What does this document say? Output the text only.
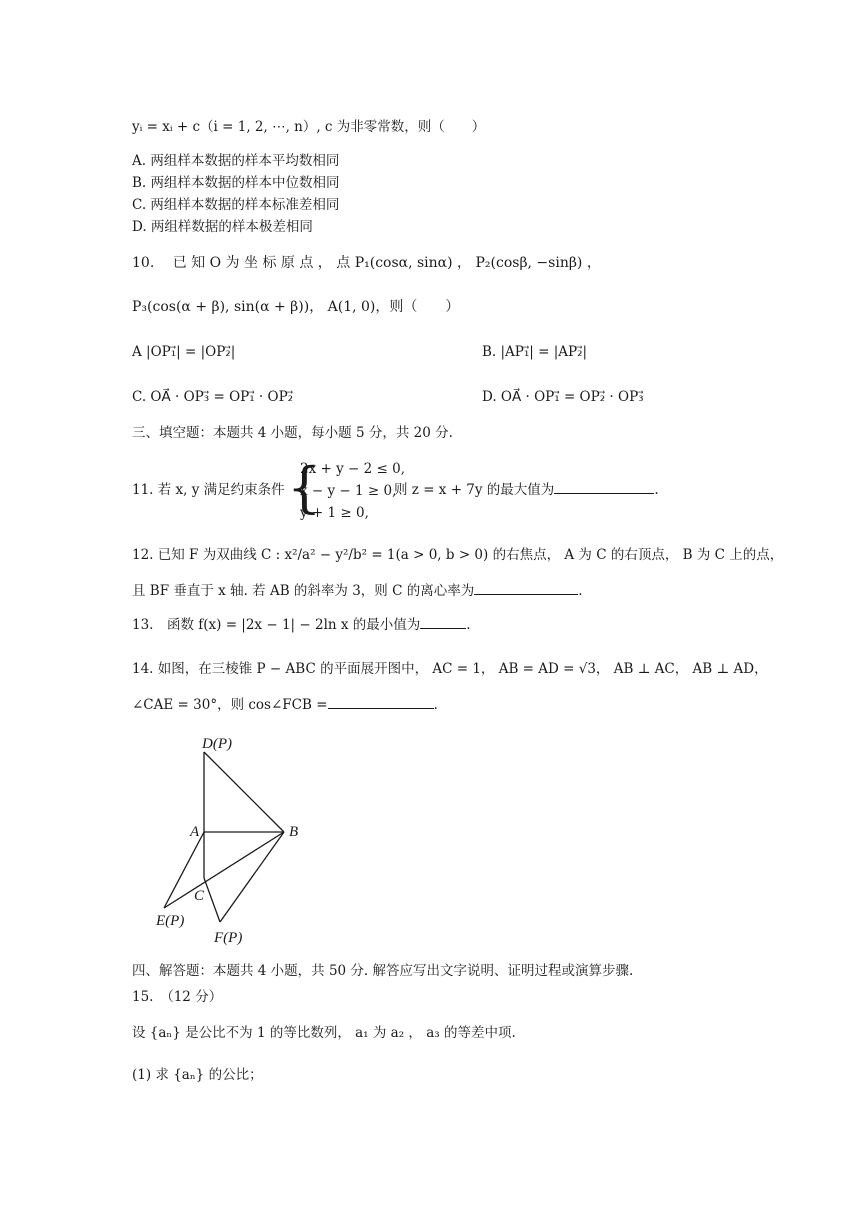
yᵢ = xᵢ + c（i = 1, 2, ⋯, n）, c 为非零常数，则（　　）
A. 两组样本数据的样本平均数相同
B. 两组样本数据的样本中位数相同
C. 两组样本数据的样本标准差相同
D. 两组样数据的样本极差相同
10.　 已 知 O 为 坐 标 原 点 ， 点 P₁(cosα, sinα) ， P₂(cosβ, −sinβ) ，
P₃(cos(α + β), sin(α + β))， A(1, 0)，则（　　）
A |OP₁⃗| = |OP₂⃗|	B. |AP₁⃗| = |AP₂⃗|
C. OA⃗ · OP₃⃗ = OP₁⃗ · OP₂⃗	D. OA⃗ · OP₁⃗ = OP₂⃗ · OP₃⃗
三、填空题：本题共 4 小题，每小题 5 分，共 20 分.
11. 若 x, y 满足约束条件 {
2x + y − 2 ≤ 0,
x − y − 1 ≥ 0,
y + 1 ≥ 0,
则 z = x + 7y 的最大值为	.
12. 已知 F 为双曲线 C : x²/a² − y²/b² = 1(a > 0, b > 0) 的右焦点， A 为 C 的右顶点， B 为 C 上的点，
且 BF 垂直于 x 轴. 若 AB 的斜率为 3，则 C 的离心率为	.
13.　函数 f(x) = |2x − 1| − 2ln x 的最小值为	.
14. 如图，在三棱锥 P − ABC 的平面展开图中， AC = 1， AB = AD = √3， AB ⊥ AC， AB ⊥ AD，
∠CAE = 30°，则 cos∠FCB =	.
D(P)
A	B
C
E(P)
F(P)
四、解答题：本题共 4 小题，共 50 分. 解答应写出文字说明、证明过程或演算步骤.
15.　（12 分）
设 {aₙ} 是公比不为 1 的等比数列， a₁ 为 a₂ ， a₃ 的等差中项.
(1) 求 {aₙ} 的公比；
